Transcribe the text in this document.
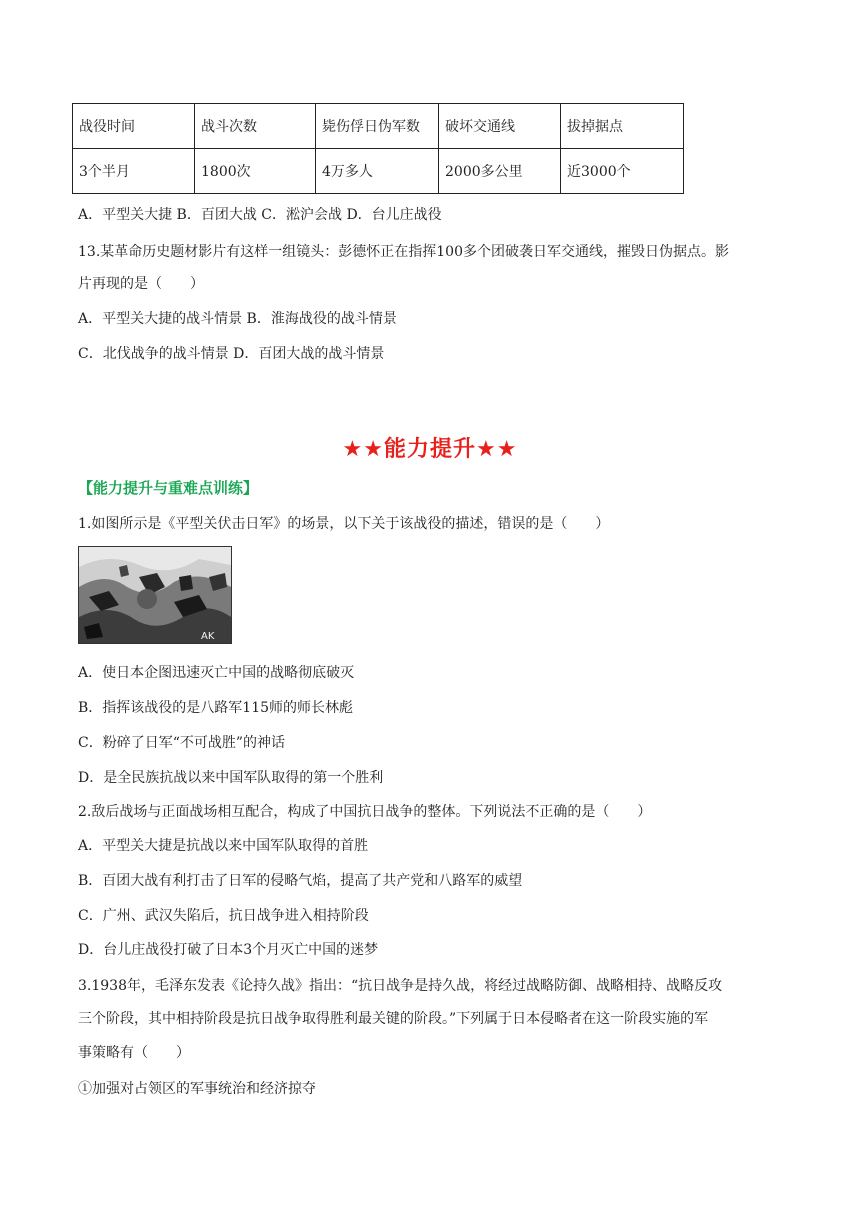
战役时间	战斗次数	毙伤俘日伪军数	破坏交通线	拔掉据点
3个半月	1800次	4万多人	2000多公里	近3000个
A．平型关大捷 B．百团大战 C．淞沪会战 D．台儿庄战役
13.某革命历史题材影片有这样一组镜头：彭德怀正在指挥100多个团破袭日军交通线，摧毁日伪据点。影
片再现的是（　　）
A．平型关大捷的战斗情景 B．淮海战役的战斗情景
C．北伐战争的战斗情景 D．百团大战的战斗情景
★★能力提升★★
【能力提升与重难点训练】
1.如图所示是《平型关伏击日军》的场景，以下关于该战役的描述，错误的是（　　）
AK
A．使日本企图迅速灭亡中国的战略彻底破灭
B．指挥该战役的是八路军115师的师长林彪
C．粉碎了日军“不可战胜”的神话
D．是全民族抗战以来中国军队取得的第一个胜利
2.敌后战场与正面战场相互配合，构成了中国抗日战争的整体。下列说法不正确的是（　　）
A．平型关大捷是抗战以来中国军队取得的首胜
B．百团大战有利打击了日军的侵略气焰，提高了共产党和八路军的威望
C．广州、武汉失陷后，抗日战争进入相持阶段
D．台儿庄战役打破了日本3个月灭亡中国的迷梦
3.1938年，毛泽东发表《论持久战》指出：“抗日战争是持久战，将经过战略防御、战略相持、战略反攻
三个阶段，其中相持阶段是抗日战争取得胜利最关键的阶段。”下列属于日本侵略者在这一阶段实施的军
事策略有（　　）
①加强对占领区的军事统治和经济掠夺
